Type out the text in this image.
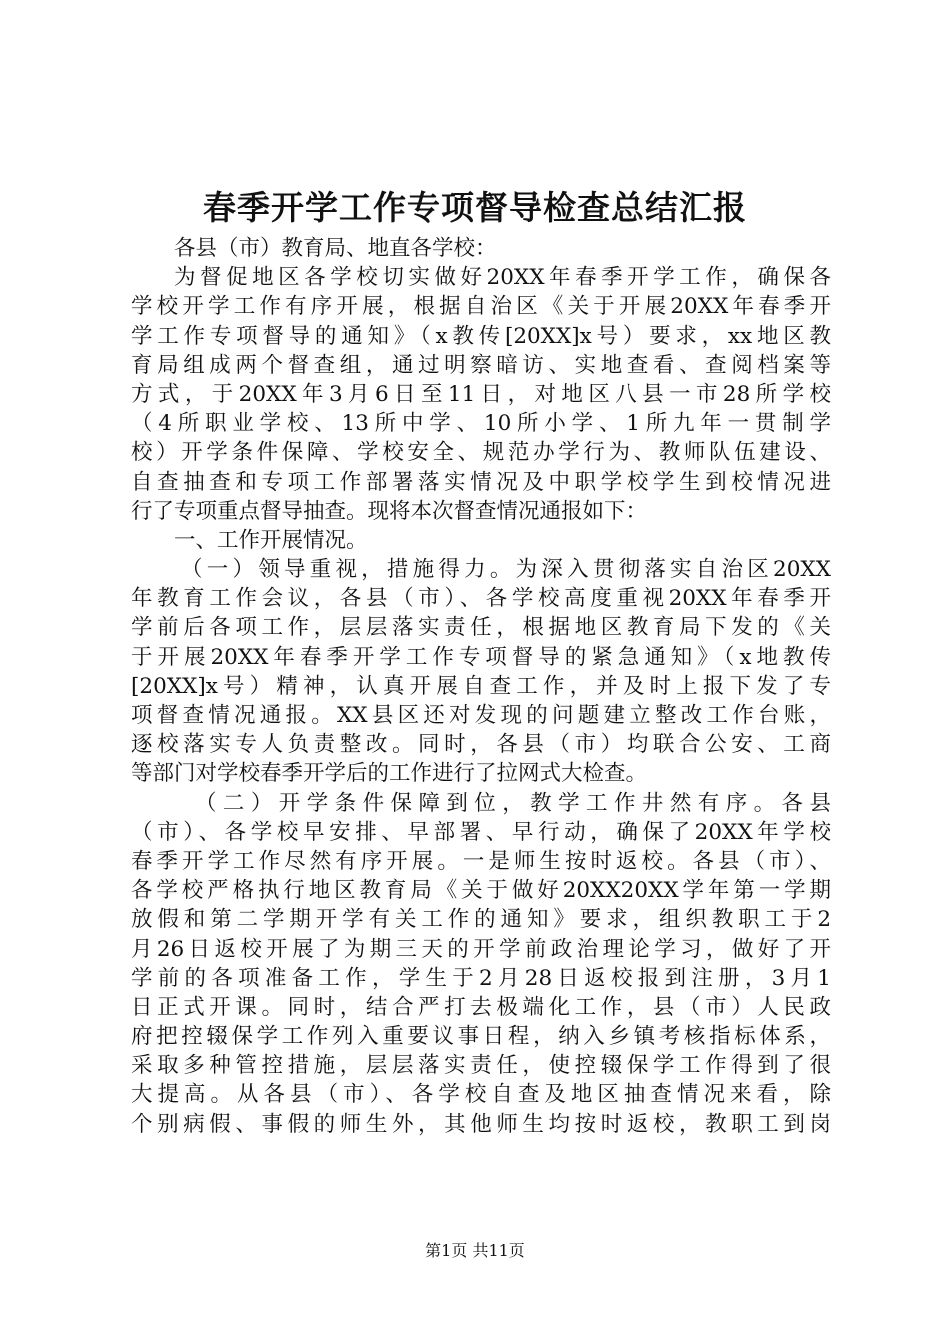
春季开学工作专项督导检查总结汇报
各县（市）教育局、地直各学校：
为督促地区各学校切实做好20XX年春季开学工作，确保各
学校开学工作有序开展，根据自治区《关于开展20XX年春季开
学工作专项督导的通知》（x教传[20XX]x号）要求，xx地区教
育局组成两个督查组，通过明察暗访、实地查看、查阅档案等
方式，于20XX年3月6日至11日，对地区八县一市28所学校
（4所职业学校、13所中学、10所小学、1所九年一贯制学
校）开学条件保障、学校安全、规范办学行为、教师队伍建设、
自查抽查和专项工作部署落实情况及中职学校学生到校情况进
行了专项重点督导抽查。现将本次督查情况通报如下：
一、工作开展情况。
（一）领导重视，措施得力。为深入贯彻落实自治区20XX
年教育工作会议，各县（市）、各学校高度重视20XX年春季开
学前后各项工作，层层落实责任，根据地区教育局下发的《关
于开展20XX年春季开学工作专项督导的紧急通知》（x地教传
[20XX]x号）精神，认真开展自查工作，并及时上报下发了专
项督查情况通报。XX县区还对发现的问题建立整改工作台账，
逐校落实专人负责整改。同时，各县（市）均联合公安、工商
等部门对学校春季开学后的工作进行了拉网式大检查。
（二）开学条件保障到位，教学工作井然有序。各县
（市）、各学校早安排、早部署、早行动，确保了20XX年学校
春季开学工作尽然有序开展。一是师生按时返校。各县（市）、
各学校严格执行地区教育局《关于做好20XX20XX学年第一学期
放假和第二学期开学有关工作的通知》要求，组织教职工于2
月26日返校开展了为期三天的开学前政治理论学习，做好了开
学前的各项准备工作，学生于2月28日返校报到注册，3月1
日正式开课。同时，结合严打去极端化工作，县（市）人民政
府把控辍保学工作列入重要议事日程，纳入乡镇考核指标体系，
采取多种管控措施，层层落实责任，使控辍保学工作得到了很
大提高。从各县（市）、各学校自查及地区抽查情况来看，除
个别病假、事假的师生外，其他师生均按时返校，教职工到岗
第1页 共11页
